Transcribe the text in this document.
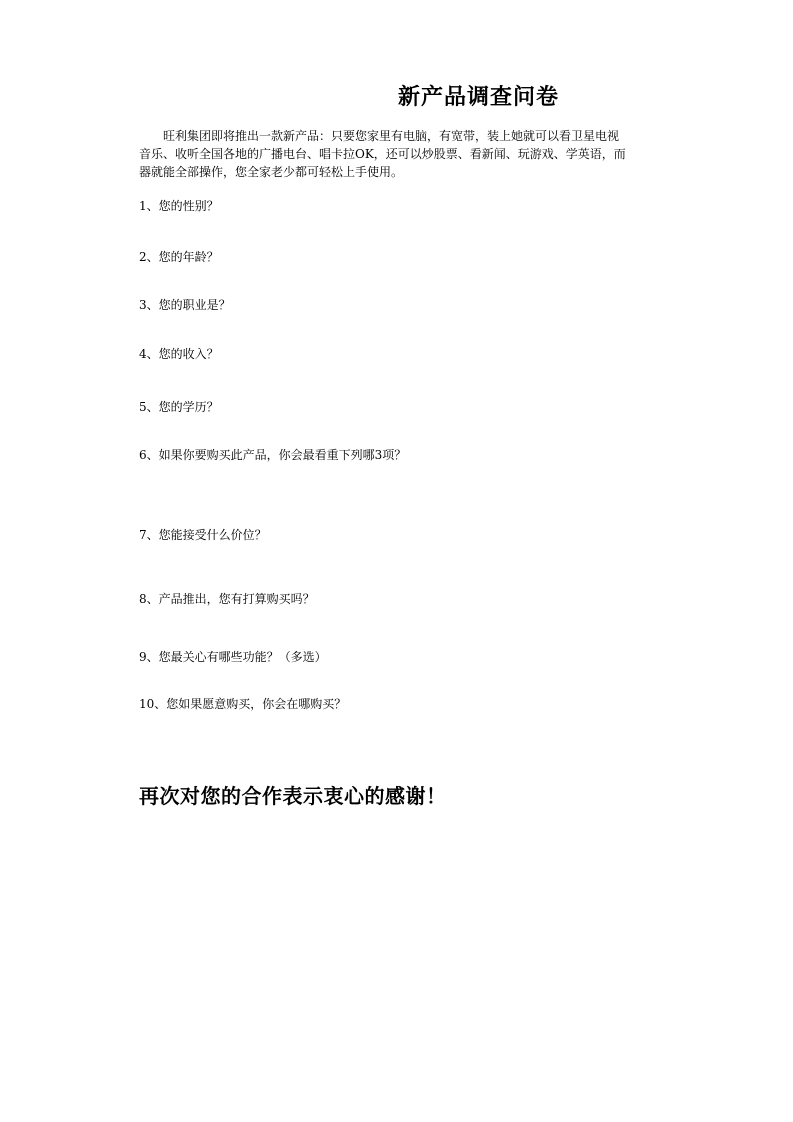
新产品调查问卷
旺利集团即将推出一款新产品：只要您家里有电脑，有宽带，装上她就可以看卫星电视
音乐、收听全国各地的广播电台、唱卡拉OK，还可以炒股票、看新闻、玩游戏、学英语，而
器就能全部操作，您全家老少都可轻松上手使用。
1、您的性别？
2、您的年龄？
3、您的职业是？
4、您的收入？
5、您的学历？
6、如果你要购买此产品，你会最看重下列哪3项？
7、您能接受什么价位？
8、产品推出，您有打算购买吗？
9、您最关心有哪些功能？（多选）
10、您如果愿意购买，你会在哪购买？
再次对您的合作表示衷心的感谢！
